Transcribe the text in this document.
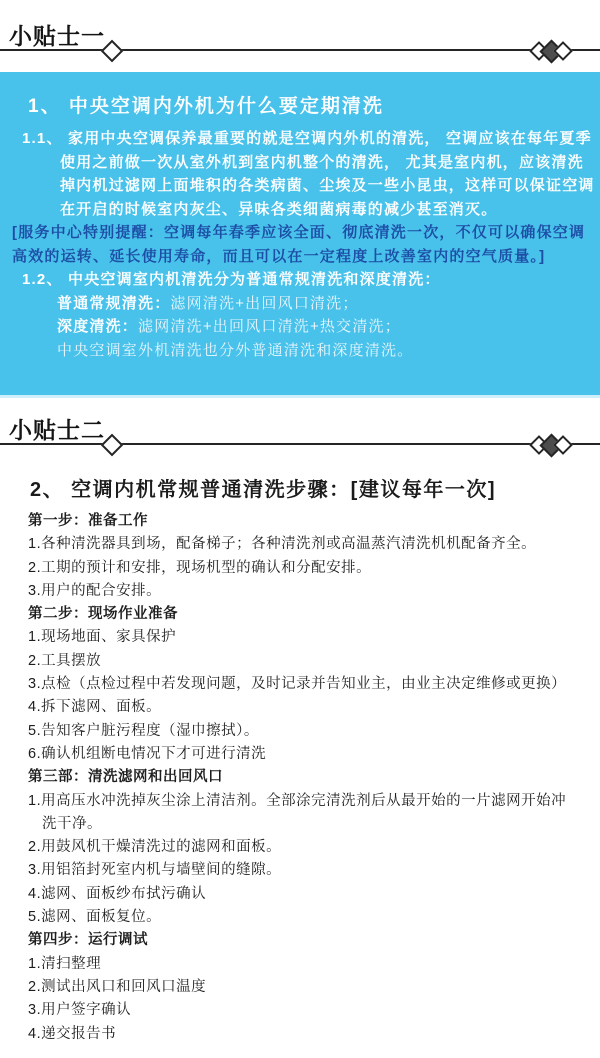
小贴士一
1、 中央空调内外机为什么要定期清洗
1.1、 家用中央空调保养最重要的就是空调内外机的清洗， 空调应该在每年夏季
使用之前做一次从室外机到室内机整个的清洗， 尤其是室内机，应该清洗
掉内机过滤网上面堆积的各类病菌、尘埃及一些小昆虫，这样可以保证空调
在开启的时候室内灰尘、异味各类细菌病毒的减少甚至消灭。
[服务中心特别提醒：空调每年春季应该全面、彻底清洗一次，不仅可以确保空调
高效的运转、延长使用寿命，而且可以在一定程度上改善室内的空气质量。]
1.2、 中央空调室内机清洗分为普通常规清洗和深度清洗：
普通常规清洗：滤网清洗+出回风口清洗；
深度清洗：滤网清洗+出回风口清洗+热交清洗；
中央空调室外机清洗也分外普通清洗和深度清洗。
小贴士二
2、 空调内机常规普通清洗步骤：[建议每年一次]
第一步：准备工作
1.各种清洗器具到场，配备梯子；各种清洗剂或高温蒸汽清洗机机配备齐全。
2.工期的预计和安排，现场机型的确认和分配安排。
3.用户的配合安排。
第二步：现场作业准备
1.现场地面、家具保护
2.工具摆放
3.点检（点检过程中若发现问题，及时记录并告知业主，由业主决定维修或更换）
4.拆下滤网、面板。
5.告知客户脏污程度（湿巾擦拭）。
6.确认机组断电情况下才可进行清洗
第三部：清洗滤网和出回风口
1.用高压水冲洗掉灰尘涂上清洁剂。全部涂完清洗剂后从最开始的一片滤网开始冲
洗干净。
2.用鼓风机干燥清洗过的滤网和面板。
3.用铝箔封死室内机与墙壁间的缝隙。
4.滤网、面板纱布拭污确认
5.滤网、面板复位。
第四步：运行调试
1.清扫整理
2.测试出风口和回风口温度
3.用户签字确认
4.递交报告书
